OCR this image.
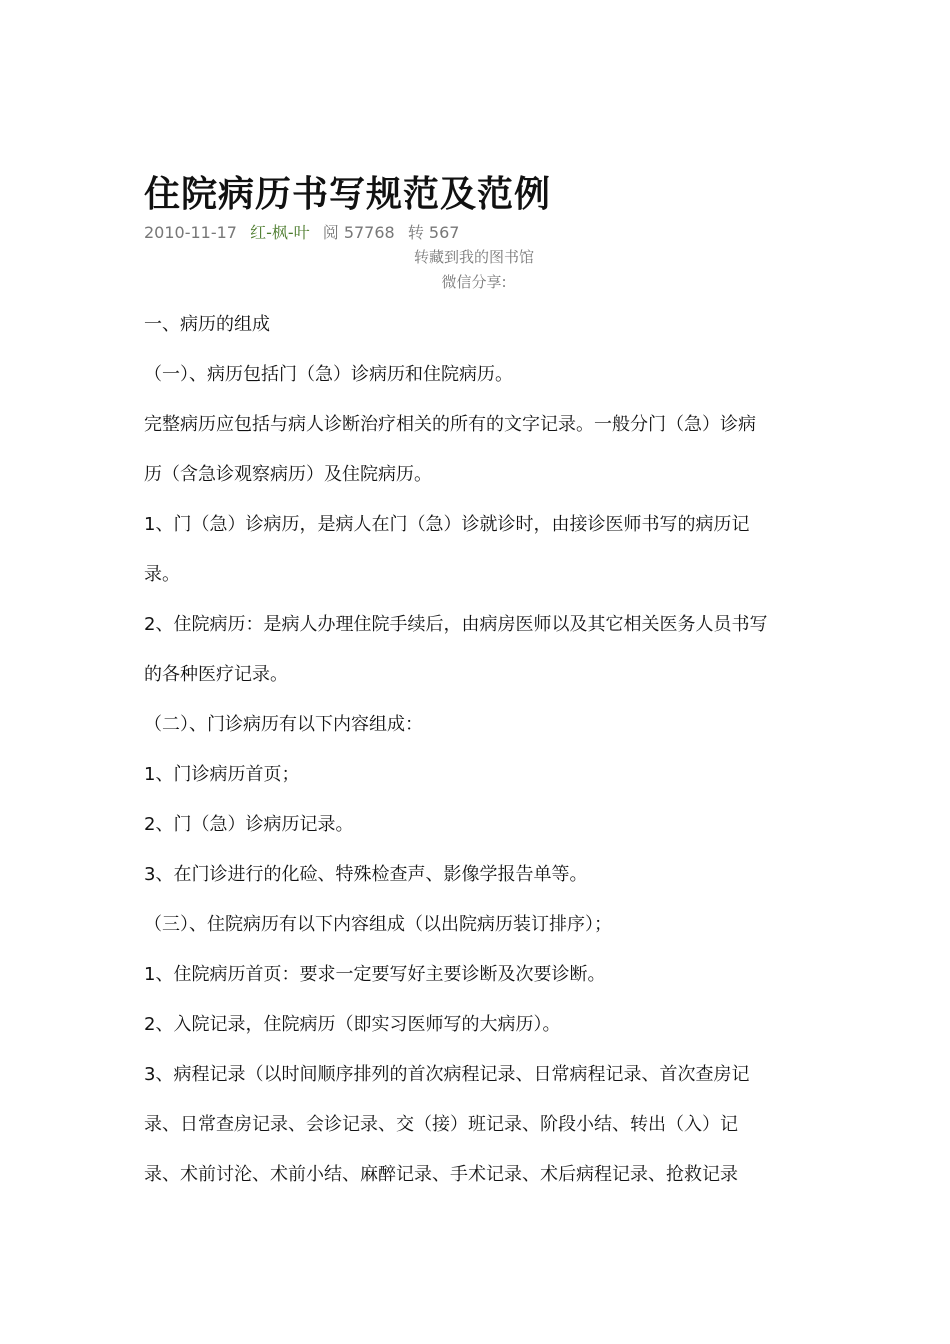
住院病历书写规范及范例
2010-11-17 红-枫-叶 阅 57768 转 567
转藏到我的图书馆
微信分享:

一、病历的组成

（一）、病历包括门（急）诊病历和住院病历。

完整病历应包括与病人诊断治疗相关的所有的文字记录。一般分门（急）诊病

历（含急诊观察病历）及住院病历。

1、门（急）诊病历，是病人在门（急）诊就诊时，由接诊医师书写的病历记

录。

2、住院病历：是病人办理住院手续后，由病房医师以及其它相关医务人员书写

的各种医疗记录。

（二）、门诊病历有以下内容组成：

1、门诊病历首页；

2、门（急）诊病历记录。

3、在门诊进行的化硷、特殊检查声、影像学报告单等。

（三）、住院病历有以下内容组成（以出院病历装订排序）；

1、住院病历首页：要求一定要写好主要诊断及次要诊断。

2、入院记录，住院病历（即实习医师写的大病历）。

3、病程记录（以时间顺序排列的首次病程记录、日常病程记录、首次查房记

录、日常查房记录、会诊记录、交（接）班记录、阶段小结、转出（入）记

录、术前讨沦、术前小结、麻醉记录、手术记录、术后病程记录、抢救记录
